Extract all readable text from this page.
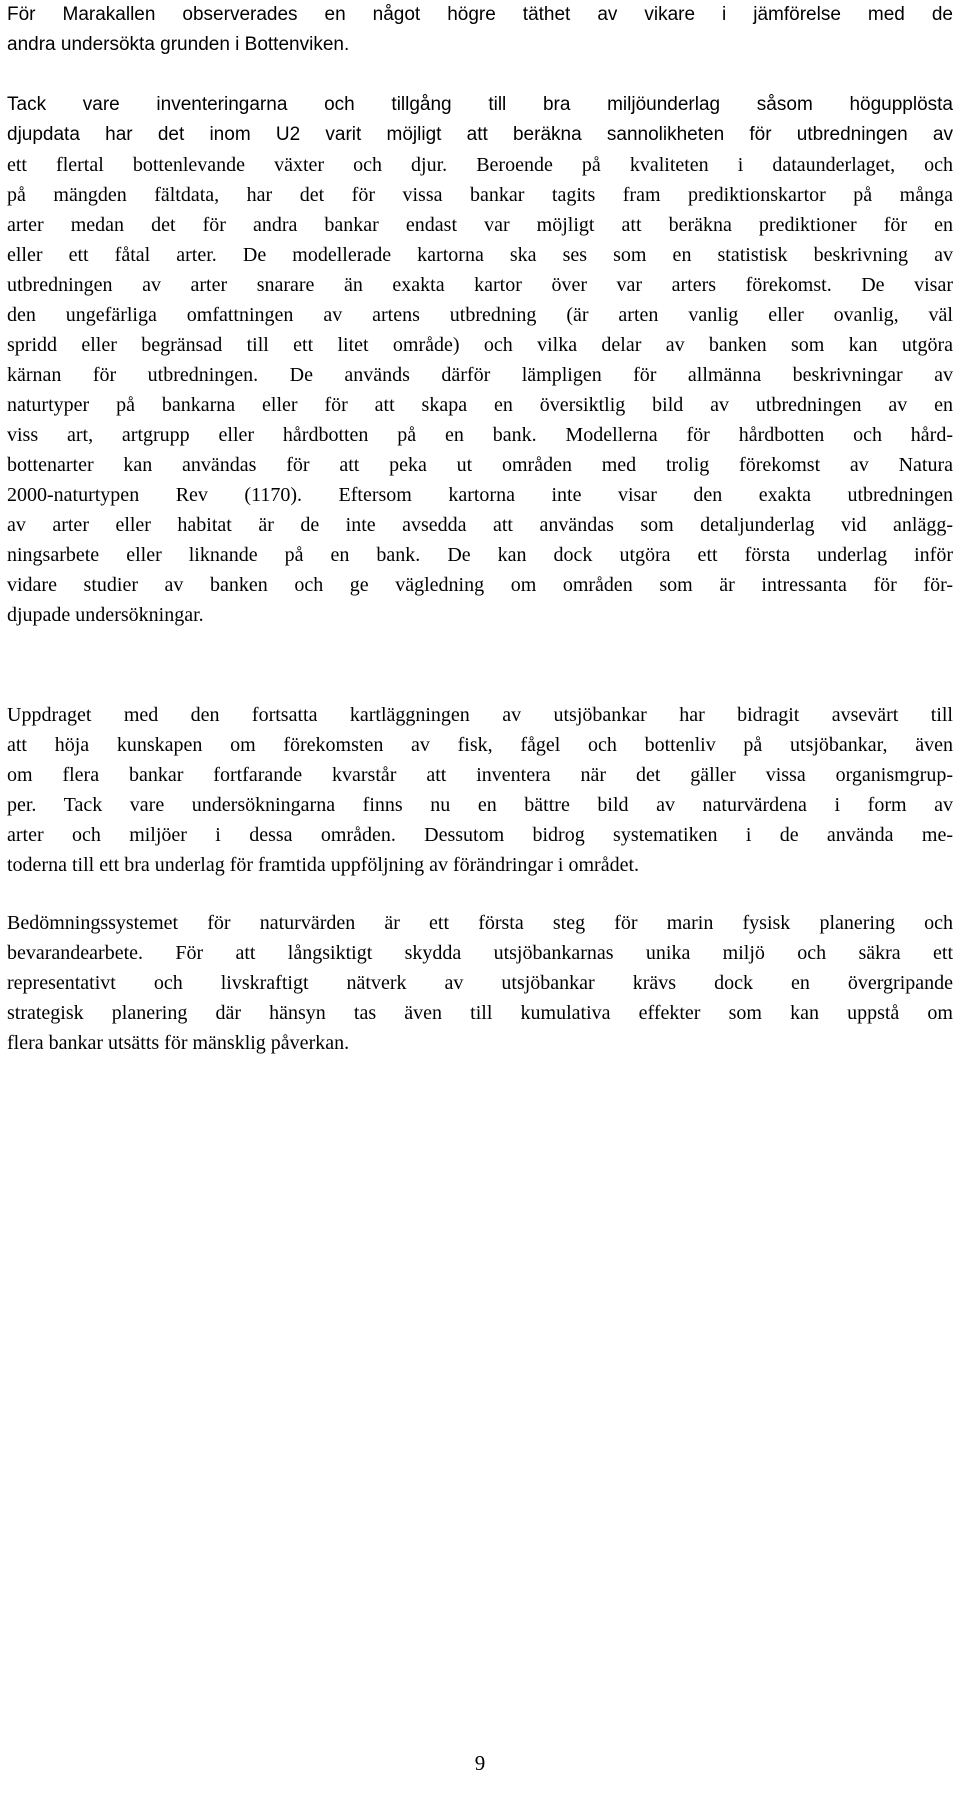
För Marakallen observerades en något högre täthet av vikare i jämförelse med de
andra undersökta grunden i Bottenviken.

Tack vare inventeringarna och tillgång till bra miljöunderlag såsom högupplösta
djupdata har det inom U2 varit möjligt att beräkna sannolikheten för utbredningen av
ett flertal bottenlevande växter och djur. Beroende på kvaliteten i dataunderlaget, och
på mängden fältdata, har det för vissa bankar tagits fram prediktionskartor på många
arter medan det för andra bankar endast var möjligt att beräkna prediktioner för en
eller ett fåtal arter. De modellerade kartorna ska ses som en statistisk beskrivning av
utbredningen av arter snarare än exakta kartor över var arters förekomst. De visar
den ungefärliga omfattningen av artens utbredning (är arten vanlig eller ovanlig, väl
spridd eller begränsad till ett litet område) och vilka delar av banken som kan utgöra
kärnan för utbredningen. De används därför lämpligen för allmänna beskrivningar av
naturtyper på bankarna eller för att skapa en översiktlig bild av utbredningen av en
viss art, artgrupp eller hårdbotten på en bank. Modellerna för hårdbotten och hård-
bottenarter kan användas för att peka ut områden med trolig förekomst av Natura
2000-naturtypen Rev (1170). Eftersom kartorna inte visar den exakta utbredningen
av arter eller habitat är de inte avsedda att användas som detaljunderlag vid anlägg-
ningsarbete eller liknande på en bank. De kan dock utgöra ett första underlag inför
vidare studier av banken och ge vägledning om områden som är intressanta för för-
djupade undersökningar.

Uppdraget med den fortsatta kartläggningen av utsjöbankar har bidragit avsevärt till
att höja kunskapen om förekomsten av fisk, fågel och bottenliv på utsjöbankar, även
om flera bankar fortfarande kvarstår att inventera när det gäller vissa organismgrup-
per. Tack vare undersökningarna finns nu en bättre bild av naturvärdena i form av
arter och miljöer i dessa områden. Dessutom bidrog systematiken i de använda me-
toderna till ett bra underlag för framtida uppföljning av förändringar i området.

Bedömningssystemet för naturvärden är ett första steg för marin fysisk planering och
bevarandearbete. För att långsiktigt skydda utsjöbankarnas unika miljö och säkra ett
representativt och livskraftigt nätverk av utsjöbankar krävs dock en övergripande
strategisk planering där hänsyn tas även till kumulativa effekter som kan uppstå om
flera bankar utsätts för mänsklig påverkan.

9
